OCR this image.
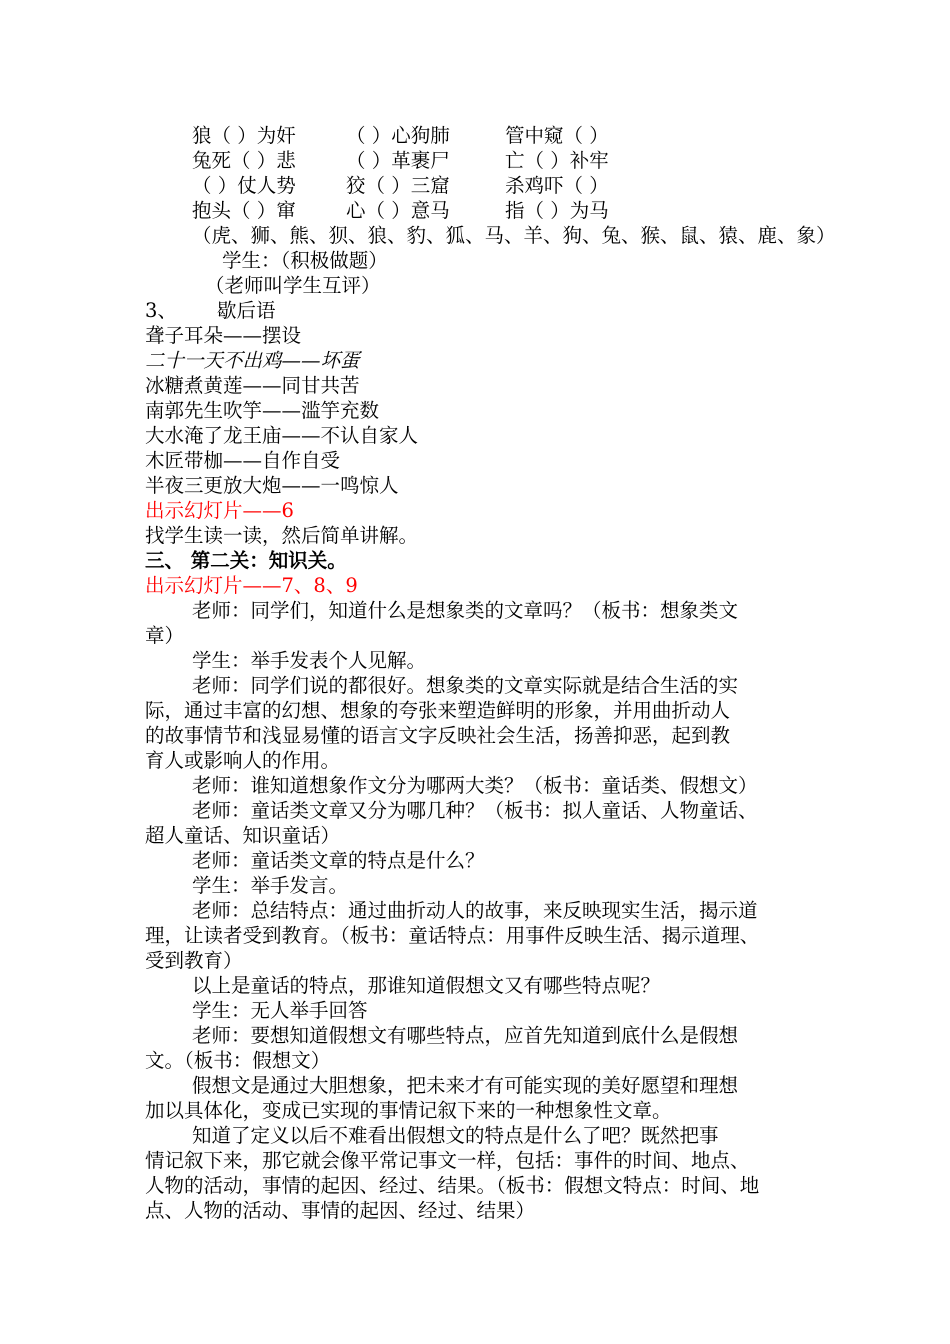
狼（ ）为奸	（ ）心狗肺	管中窥（ ）
兔死（ ）悲	（ ）革裹尸	亡（ ）补牢
（ ）仗人势	狡（ ）三窟	杀鸡吓（ ）
抱头（ ）窜	心（ ）意马	指（ ）为马
（虎、狮、熊、狈、狼、豹、狐、马、羊、狗、兔、猴、鼠、猿、鹿、象）
学生：（积极做题）
（老师叫学生互评）
3、 歇后语
聋子耳朵——摆设
二十一天不出鸡——坏蛋
冰糖煮黄莲——同甘共苦
南郭先生吹竽——滥竽充数
大水淹了龙王庙——不认自家人
木匠带枷——自作自受
半夜三更放大炮——一鸣惊人
出示幻灯片——6
找学生读一读，然后简单讲解。
三、 第二关：知识关。
出示幻灯片——7、8、9
老师：同学们，知道什么是想象类的文章吗？（板书：想象类文
章）
学生：举手发表个人见解。
老师：同学们说的都很好。想象类的文章实际就是结合生活的实
际，通过丰富的幻想、想象的夸张来塑造鲜明的形象，并用曲折动人
的故事情节和浅显易懂的语言文字反映社会生活，扬善抑恶，起到教
育人或影响人的作用。
老师：谁知道想象作文分为哪两大类？（板书：童话类、假想文）
老师：童话类文章又分为哪几种？（板书：拟人童话、人物童话、
超人童话、知识童话）
老师：童话类文章的特点是什么？
学生：举手发言。
老师：总结特点：通过曲折动人的故事，来反映现实生活，揭示道
理，让读者受到教育。（板书：童话特点：用事件反映生活、揭示道理、
受到教育）
以上是童话的特点，那谁知道假想文又有哪些特点呢？
学生：无人举手回答
老师：要想知道假想文有哪些特点，应首先知道到底什么是假想
文。（板书：假想文）
假想文是通过大胆想象，把未来才有可能实现的美好愿望和理想
加以具体化，变成已实现的事情记叙下来的一种想象性文章。
知道了定义以后不难看出假想文的特点是什么了吧？既然把事
情记叙下来，那它就会像平常记事文一样，包括：事件的时间、地点、
人物的活动，事情的起因、经过、结果。（板书：假想文特点：时间、地
点、人物的活动、事情的起因、经过、结果）
